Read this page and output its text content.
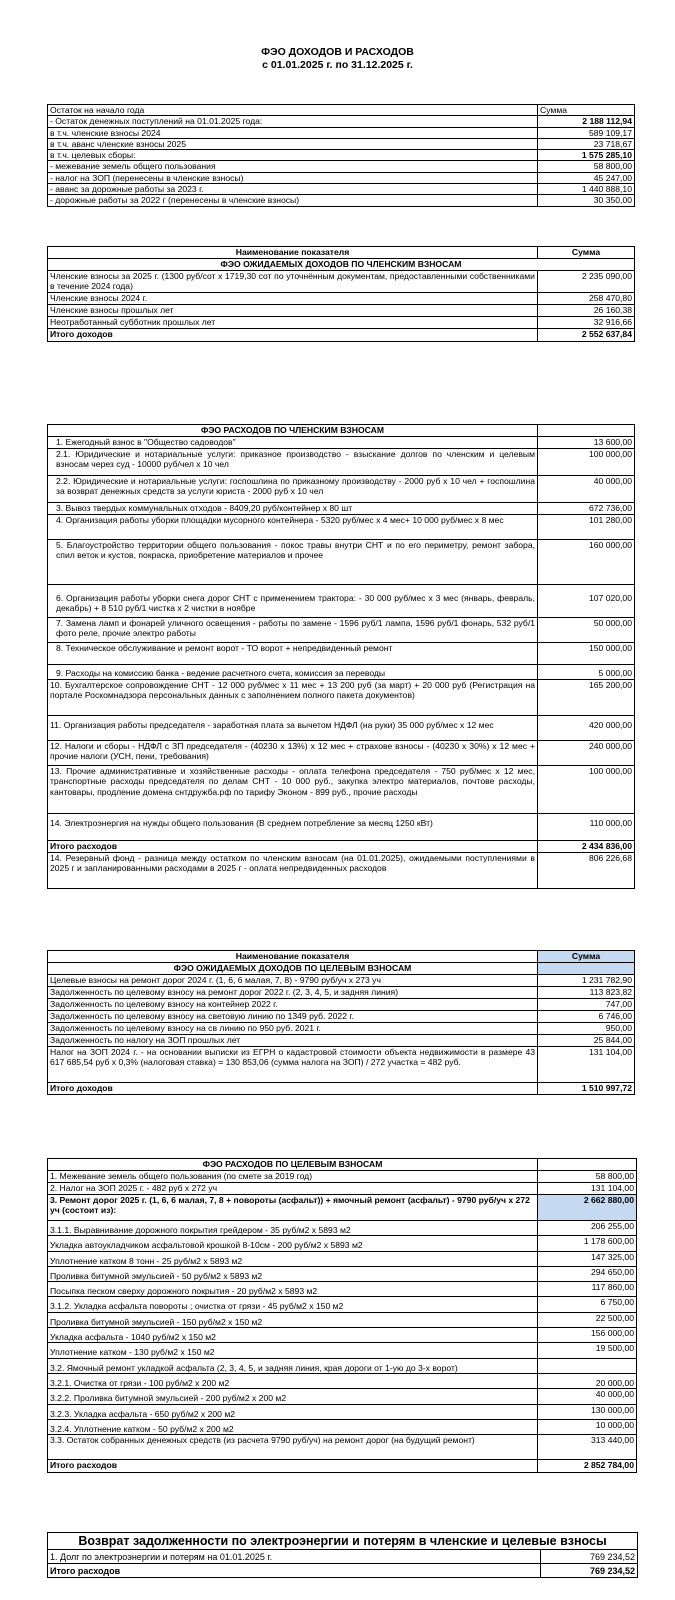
ФЭО ДОХОДОВ И РАСХОДОВ
с 01.01.2025 г. по 31.12.2025 г.
Остаток на начало года	Сумма
- Остаток денежных поступлений на 01.01.2025 года:	2 188 112,94
в т.ч. членские взносы 2024	589 109,17
в т.ч. аванс членские взносы 2025	23 718,67
в т.ч. целевых сборы:	1 575 285,10
- межевание земель общего пользования	58 800,00
- налог на ЗОП (перенесены в членские взносы)	45 247,00
- аванс за дорожные работы за 2023 г.	1 440 888,10
- дорожные работы за 2022 г (перенесены в членские взносы)	30 350,00
Наименование показателя	Сумма
ФЭО ОЖИДАЕМЫХ ДОХОДОВ ПО ЧЛЕНСКИМ ВЗНОСАМ	
Членские взносы за 2025 г. (1300 руб/сот х 1719,30 сот по уточнённым документам, предоставленными собственниками в течение 2024 года)	2 235 090,00
Членские взносы 2024 г.	258 470,80
Членские взносы прошлых лет	26 160,38
Неотработанный субботник прошлых лет	32 916,66
Итого доходов	2 552 637,84
ФЭО РАСХОДОВ ПО ЧЛЕНСКИМ ВЗНОСАМ	
1. Ежегодный взнос в "Общество садоводов"	13 600,00
2.1. Юридические и нотариальные услуги: приказное производство - взыскание долгов по членским и целевым взносам через суд - 10000 руб/чел х 10 чел	100 000,00
2.2. Юридические и нотариальные услуги: госпошлина по приказному производству - 2000 руб х 10 чел + госпошлина за возврат денежных средств за услуги юриста - 2000 руб х 10 чел	40 000,00
3. Вывоз твердых коммунальных отходов - 8409,20 руб/контейнер х 80 шт	672 736,00
4. Организация работы уборки площадки мусорного контейнера - 5320 руб/мес х 4 мес+ 10 000 руб/мес х 8 мес	101 280,00
5. Благоустройство территории общего пользования - покос травы внутри СНТ и по его периметру, ремонт забора, спил веток и кустов, покраска, приобретение материалов и прочее	160 000,00
6. Организация работы уборки снега дорог СНТ с применением трактора: - 30 000 руб/мес х 3 мес (январь, февраль, декабрь) + 8 510 руб/1 чистка х 2 чистки в ноябре	107 020,00
7. Замена ламп и фонарей уличного освещения - работы по замене - 1596 руб/1 лампа, 1596 руб/1 фонарь, 532 руб/1 фото реле, прочие электро работы	50 000,00
8. Техническое обслуживание и ремонт ворот - ТО ворот + непредвиденный ремонт	150 000,00
9. Расходы на комиссию банка - ведение расчетного счета, комиссия за переводы	5 000,00
10. Бухгалтерское сопровождение СНТ - 12 000 руб/мес х 11 мес + 13 200 руб (за март) + 20 000 руб (Регистрация на портале Роскомнадзора персональных данных с заполнением полного пакета документов)	165 200,00
11. Организация работы председателя - заработная плата за вычетом НДФЛ (на руки) 35 000 руб/мес х 12 мес	420 000,00
12. Налоги и сборы - НДФЛ с ЗП председателя - (40230 х 13%) х 12 мес + страхове взносы - (40230 х 30%) х 12 мес + прочие налоги (УСН, пени, требования)	240 000,00
13. Прочие административные и хозяйственные расходы - оплата телефона председателя - 750 руб/мес х 12 мес, транспортные расходы председателя по делам СНТ - 10 000 руб., закупка электро материалов, почтове расходы, кантовары, продление домена снтдружба.рф по тарифу Эконом - 899 руб., прочие расходы	100 000,00
14. Электроэнергия на нужды общего пользования (В среднем потребление за месяц 1250 кВт)	110 000,00
Итого расходов	2 434 836,00
14. Резервный фонд - разница между остатком по членским взносам (на 01.01.2025), ожидаемыми поступлениями в 2025 г и запланированными расходами в 2025 г - оплата непредвиденных расходов	806 226,68
Наименование показателя	Сумма
ФЭО ОЖИДАЕМЫХ ДОХОДОВ ПО ЦЕЛЕВЫМ ВЗНОСАМ	
Целевые взносы на ремонт дорог 2024 г. (1, 6, 6 малая, 7, 8) - 9790 руб/уч х 273 уч	1 231 782,90
Задолженность по целевому взносу на ремонт дорог 2022 г. (2, 3, 4, 5, и задняя линия)	113 823,82
Задолженность по целевому взносу на контейнер 2022 г.	747,00
Задолженность по целевому взносу на световую линию по 1349 руб. 2022 г.	6 746,00
Задолженность по целевому взносу на св линию по 950 руб. 2021 г.	950,00
Задолженность по налогу на ЗОП прошлых лет	25 844,00
Налог на ЗОП 2024 г. - на основании выписки из ЕГРН о кадастровой стоимости объекта недвижимости в размере 43 617 685,54 руб х 0,3% (налоговая ставка) = 130 853,06 (сумма налога на ЗОП) / 272 участка = 482 руб.	131 104,00
Итого доходов	1 510 997,72
ФЭО РАСХОДОВ ПО ЦЕЛЕВЫМ ВЗНОСАМ	
1. Межевание земель общего пользования (по смете за 2019 год)	58 800,00
2. Налог на ЗОП 2025 г. - 482 руб х 272 уч	131 104,00
3. Ремонт дорог 2025 г. (1, 6, 6 малая, 7, 8 + повороты (асфальт)) + ямочный ремонт (асфальт) - 9790 руб/уч х 272 уч (состоит из):	2 662 880,00
3.1.1. Выравнивание дорожного покрытия грейдером - 35 руб/м2 х 5893 м2	206 255,00
Укладка автоукладчиком асфальтовой крошкой 8-10см - 200 руб/м2 х 5893 м2	1 178 600,00
Уплотнение катком 8 тонн - 25 руб/м2 х 5893 м2	147 325,00
Проливка битумной эмульсией - 50 руб/м2 х 5893 м2	294 650,00
Посыпка песком сверху дорожного покрытия - 20 руб/м2 х 5893 м2	117 860,00
3.1.2. Укладка асфальта повороты ; очистка от грязи - 45 руб/м2 х 150 м2	6 750,00
Проливка битумной эмульсией - 150 руб/м2 х 150 м2	22 500,00
Укладка асфальта - 1040 руб/м2 х 150 м2	156 000,00
Уплотнение катком - 130 руб/м2 х 150 м2	19 500,00
3.2. Ямочный ремонт укладкой асфальта (2, 3, 4, 5, и задняя линия, края дороги от 1-ую до 3-х ворот)	
3.2.1. Очистка от грязи - 100 руб/м2 х 200 м2	20 000,00
3.2.2. Проливка битумной эмульсией - 200 руб/м2 х 200 м2	40 000,00
3.2.3. Укладка асфальта - 650 руб/м2 х 200 м2	130 000,00
3.2.4. Уплотнение катком - 50 руб/м2 х 200 м2	10 000,00
3.3. Остаток собранных денежных средств (из расчета 9790 руб/уч) на ремонт дорог (на будущий ремонт)	313 440,00
Итого расходов	2 852 784,00
Возврат задолженности по электроэнергии и потерям в членские и целевые взносы	
1. Долг по электроэнергии и потерям на 01.01.2025 г.	769 234,52
Итого расходов	769 234,52
